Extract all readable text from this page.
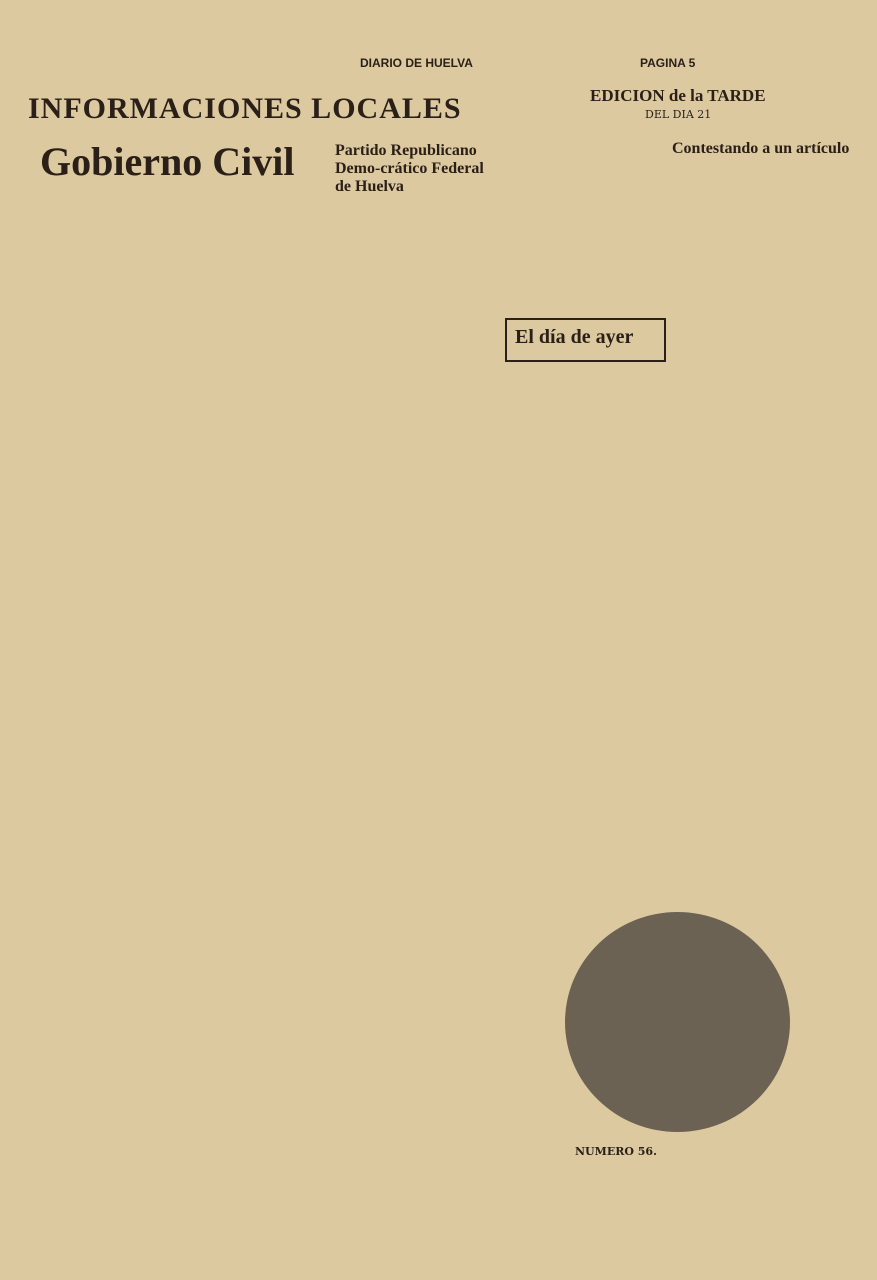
DIARIO DE HUELVA	PAGINA 5
INFORMACIONES LOCALES	EDICION de la TARDE
DEL DIA 21
Gobierno Civil	Partido Republicano Demo-crático Federal de Huelva
Contestando a un artículo
El día de ayer
NUMERO 56.
